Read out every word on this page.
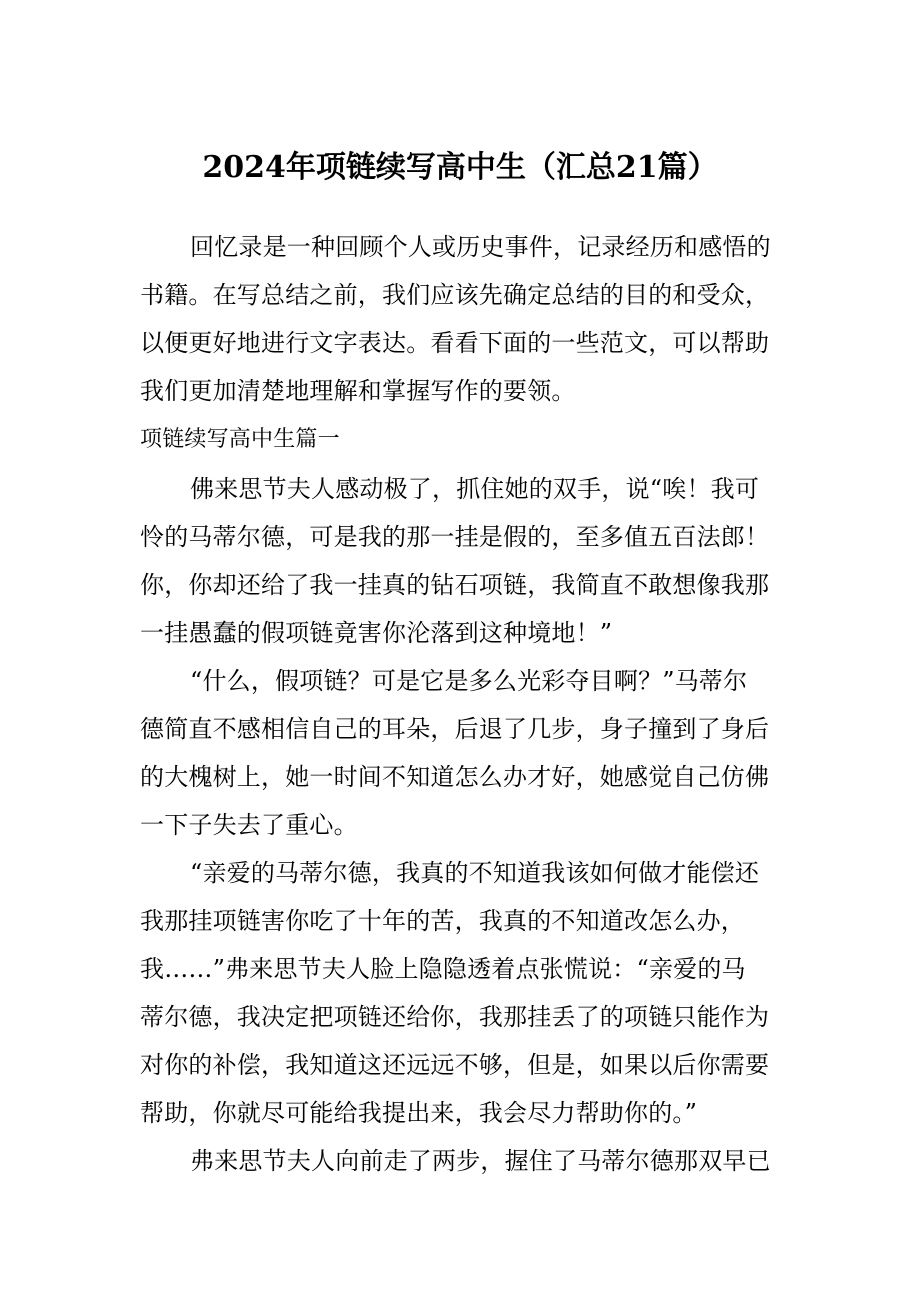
2024年项链续写高中生（汇总21篇）
回忆录是一种回顾个人或历史事件，记录经历和感悟的
书籍。在写总结之前，我们应该先确定总结的目的和受众，
以便更好地进行文字表达。看看下面的一些范文，可以帮助
我们更加清楚地理解和掌握写作的要领。
项链续写高中生篇一
佛来思节夫人感动极了，抓住她的双手，说“唉！我可
怜的马蒂尔德，可是我的那一挂是假的，至多值五百法郎！
你，你却还给了我一挂真的钻石项链，我简直不敢想像我那
一挂愚蠢的假项链竟害你沦落到这种境地！”
“什么，假项链？可是它是多么光彩夺目啊？”马蒂尔
德简直不感相信自己的耳朵，后退了几步，身子撞到了身后
的大槐树上，她一时间不知道怎么办才好，她感觉自己仿佛
一下子失去了重心。
“亲爱的马蒂尔德，我真的不知道我该如何做才能偿还
我那挂项链害你吃了十年的苦，我真的不知道改怎么办，
我……”弗来思节夫人脸上隐隐透着点张慌说：“亲爱的马
蒂尔德，我决定把项链还给你，我那挂丢了的项链只能作为
对你的补偿，我知道这还远远不够，但是，如果以后你需要
帮助，你就尽可能给我提出来，我会尽力帮助你的。”
弗来思节夫人向前走了两步，握住了马蒂尔德那双早已
